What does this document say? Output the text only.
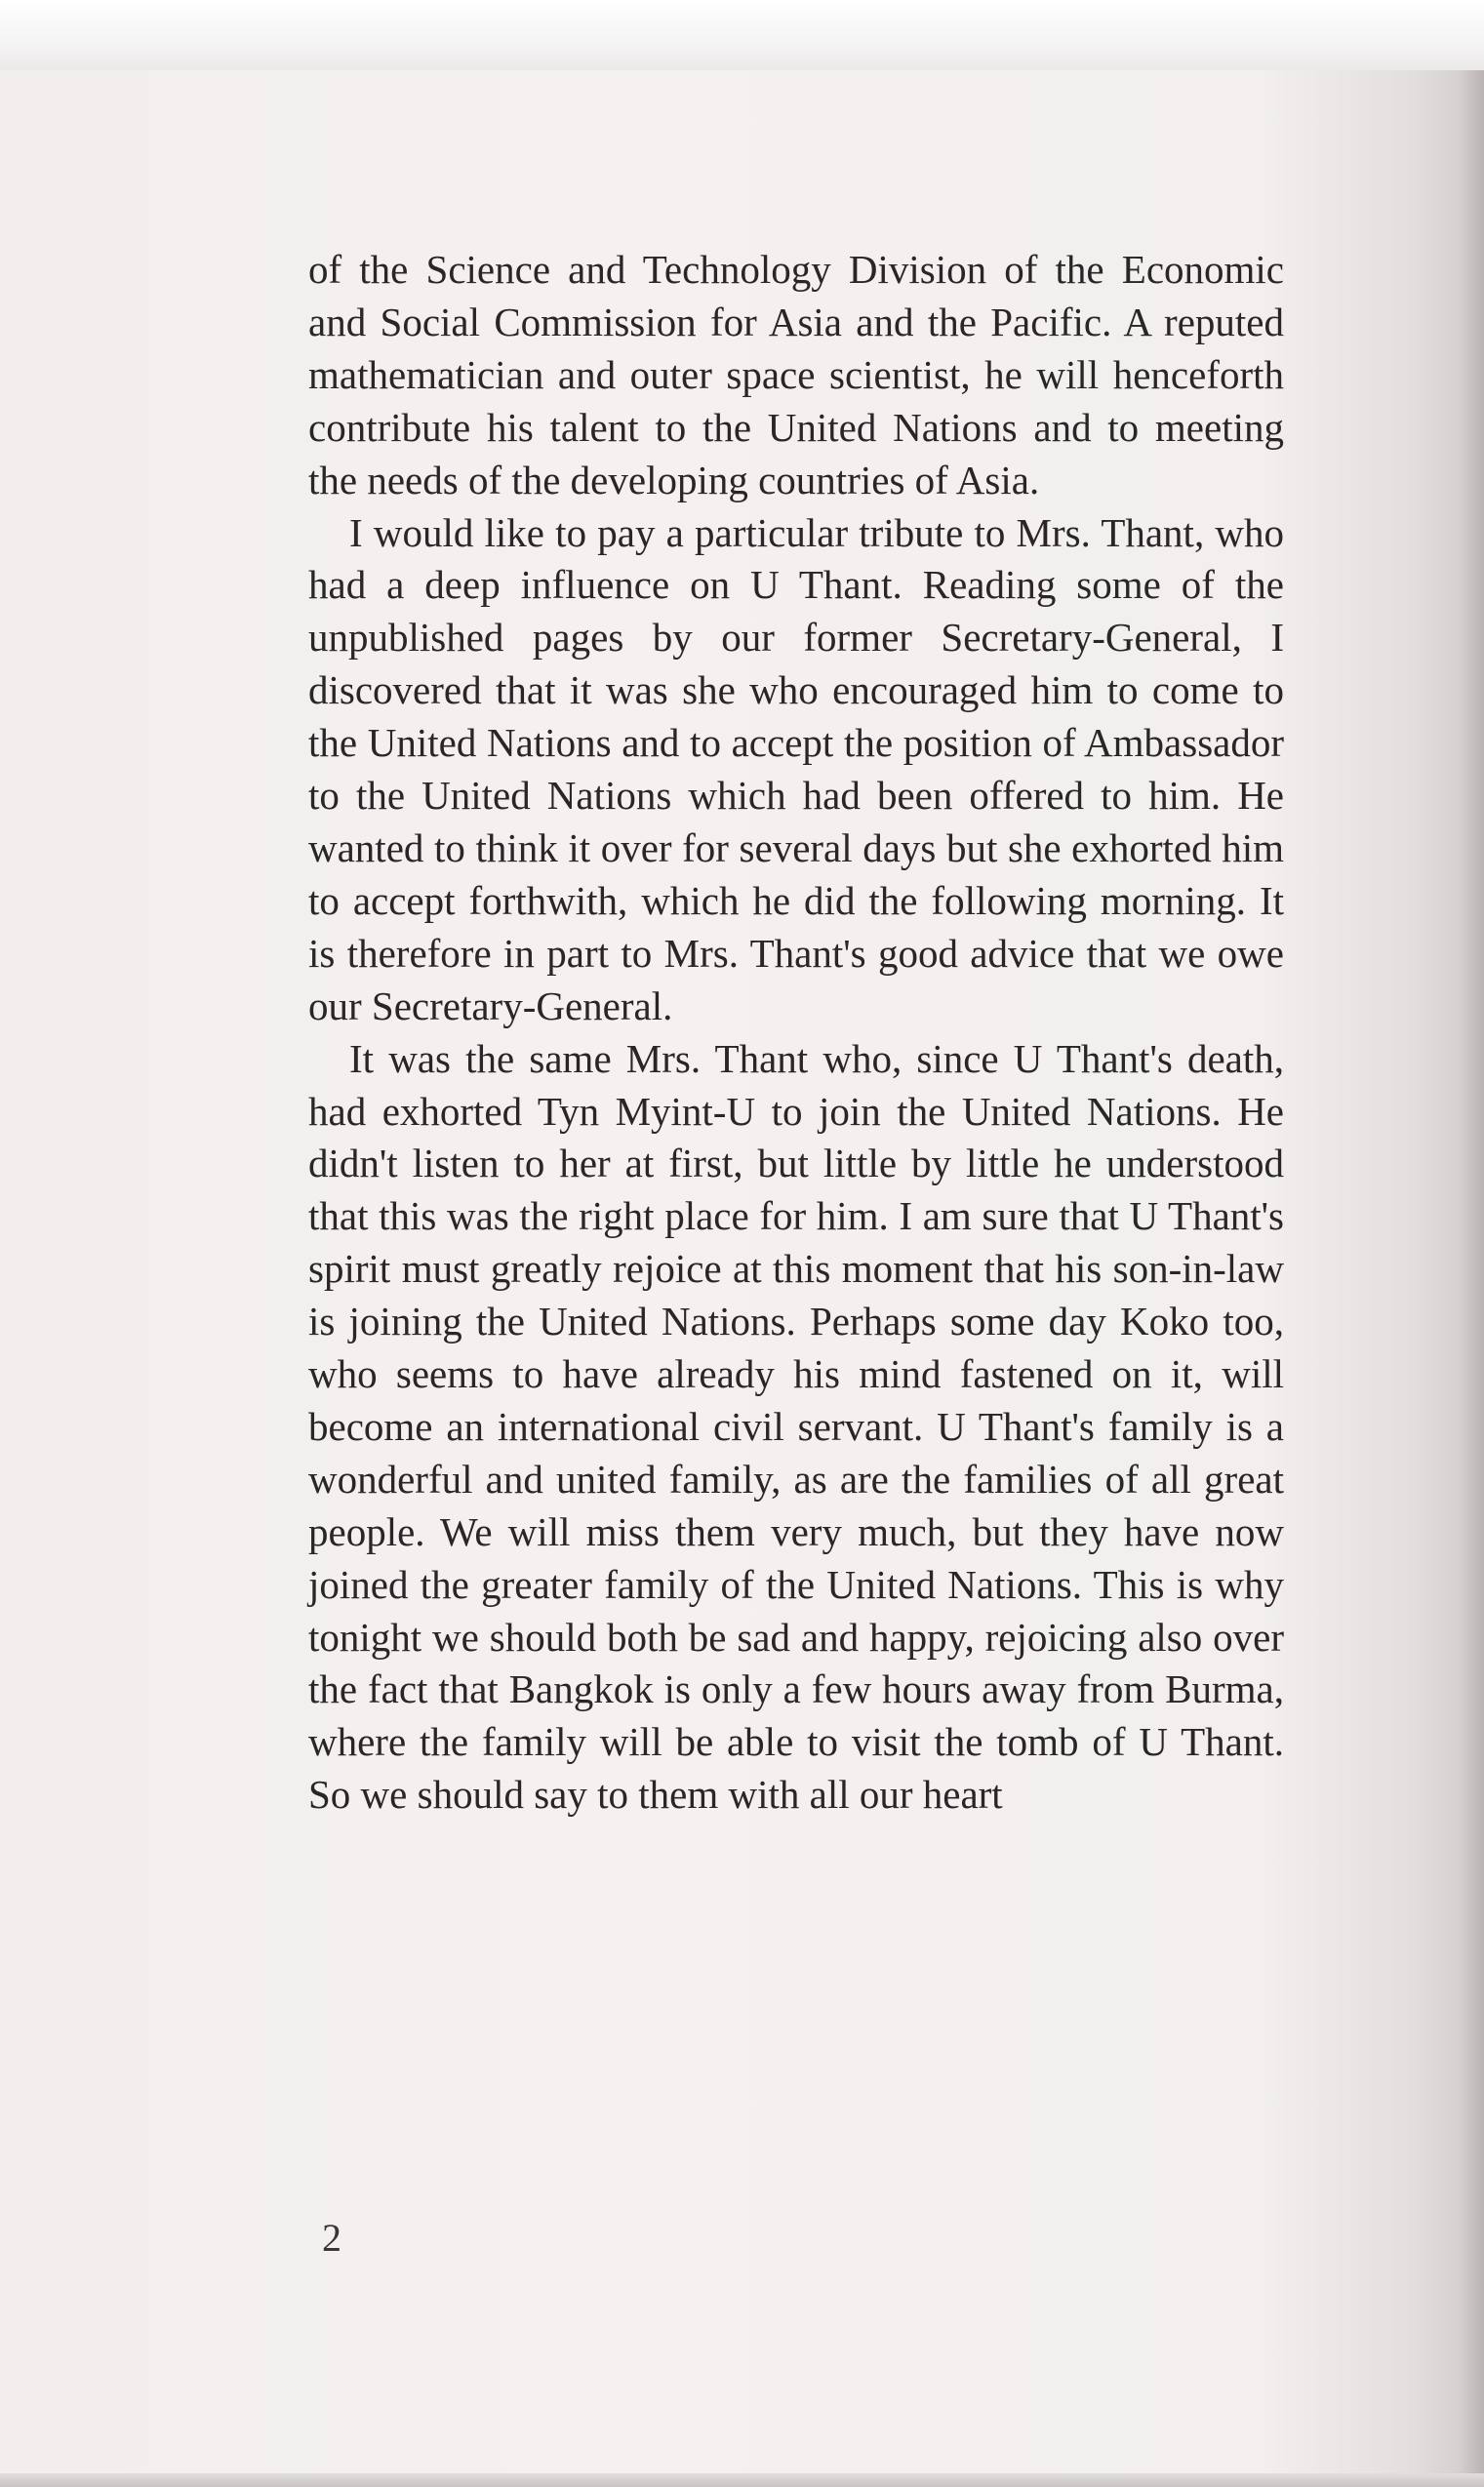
of the Science and Technology Division of the Economic and Social Commission for Asia and the Pacific. A reputed mathematician and outer space scientist, he will henceforth contribute his talent to the United Nations and to meeting the needs of the developing countries of Asia.

I would like to pay a particular tribute to Mrs. Thant, who had a deep influence on U Thant. Reading some of the unpublished pages by our former Secretary-General, I discovered that it was she who encouraged him to come to the United Nations and to accept the position of Ambassador to the United Nations which had been offered to him. He wanted to think it over for several days but she exhorted him to accept forthwith, which he did the following morning. It is therefore in part to Mrs. Thant's good advice that we owe our Secretary-General.

It was the same Mrs. Thant who, since U Thant's death, had exhorted Tyn Myint-U to join the United Nations. He didn't listen to her at first, but little by little he understood that this was the right place for him. I am sure that U Thant's spirit must greatly rejoice at this moment that his son-in-law is joining the United Nations. Perhaps some day Koko too, who seems to have already his mind fastened on it, will become an international civil servant. U Thant's family is a wonderful and united family, as are the families of all great people. We will miss them very much, but they have now joined the greater family of the United Nations. This is why tonight we should both be sad and happy, rejoicing also over the fact that Bangkok is only a few hours away from Burma, where the family will be able to visit the tomb of U Thant. So we should say to them with all our heart

2
